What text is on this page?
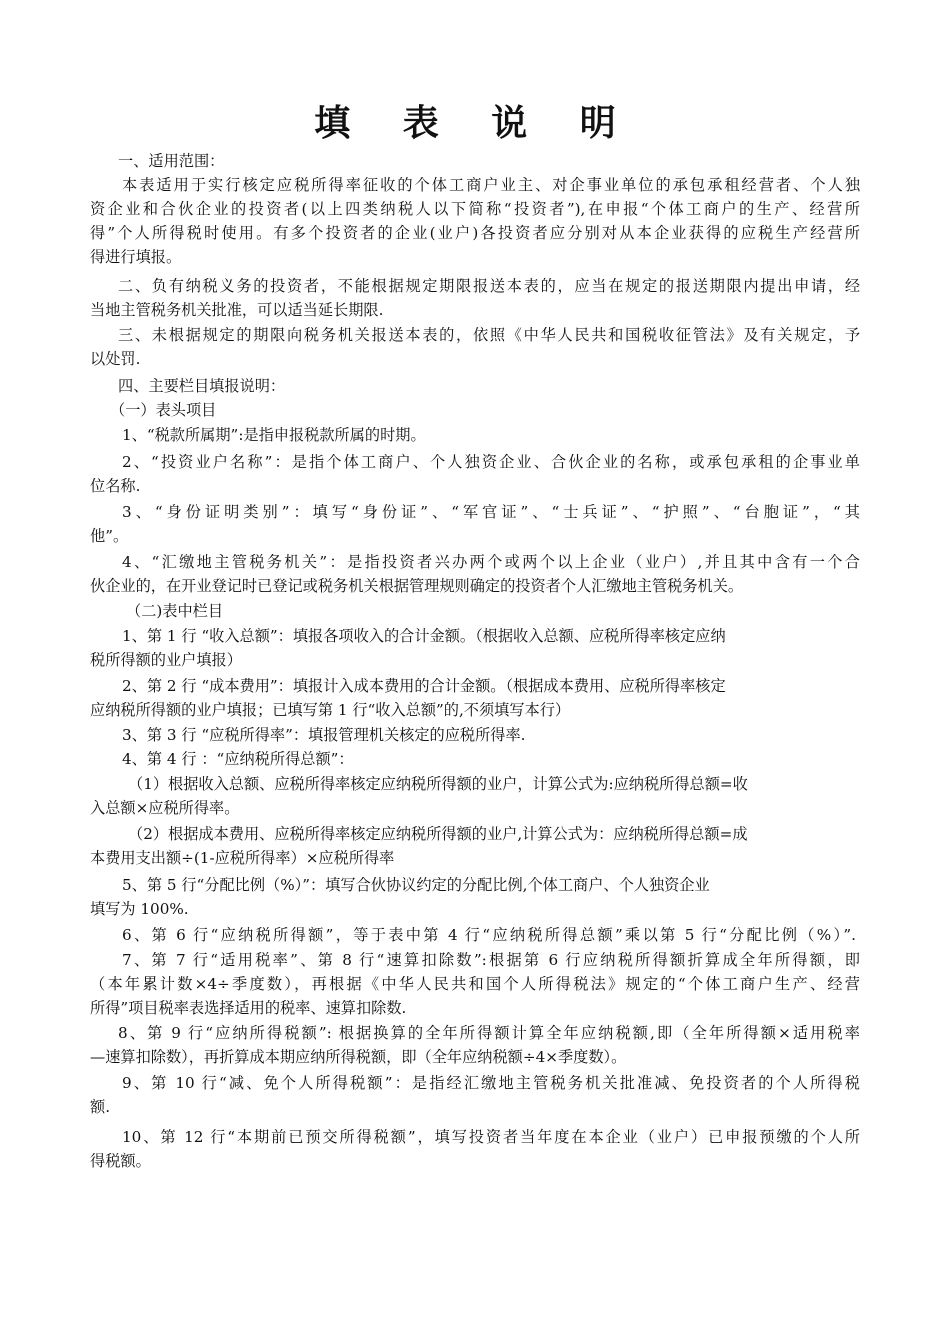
填 表 说 明
一、适用范围：
本表适用于实行核定应税所得率征收的个体工商户业主、对企事业单位的承包承租经营者、个人独
资企业和合伙企业的投资者(以上四类纳税人以下简称“投资者”),在申报“个体工商户的生产、经营所
得”个人所得税时使用。有多个投资者的企业(业户)各投资者应分别对从本企业获得的应税生产经营所
得进行填报。
二、负有纳税义务的投资者，不能根据规定期限报送本表的，应当在规定的报送期限内提出申请，经
当地主管税务机关批准，可以适当延长期限.
三、未根据规定的期限向税务机关报送本表的，依照《中华人民共和国税收征管法》及有关规定，予
以处罚.
四、主要栏目填报说明：
（一）表头项目
1、“税款所属期”:是指申报税款所属的时期。
2、“投资业户名称”：是指个体工商户、个人独资企业、合伙企业的名称，或承包承租的企事业单
位名称.
3、“身份证明类别”：填写“身份证”、“军官证”、“士兵证”、“护照”、“台胞证”，“其
他”。
4、“汇缴地主管税务机关”：是指投资者兴办两个或两个以上企业（业户）,并且其中含有一个合
伙企业的，在开业登记时已登记或税务机关根据管理规则确定的投资者个人汇缴地主管税务机关。
（二)表中栏目
1、第 1 行 “收入总额”：填报各项收入的合计金额。（根据收入总额、应税所得率核定应纳
税所得额的业户填报）
2、第 2 行 “成本费用”：填报计入成本费用的合计金额。（根据成本费用、应税所得率核定
应纳税所得额的业户填报；已填写第 1 行“收入总额”的,不须填写本行）
3、第 3 行 “应税所得率”：填报管理机关核定的应税所得率.
4、第 4 行 ：“应纳税所得总额”：
（1）根据收入总额、应税所得率核定应纳税所得额的业户，计算公式为:应纳税所得总额=收
入总额×应税所得率。
（2）根据成本费用、应税所得率核定应纳税所得额的业户,计算公式为：应纳税所得总额=成
本费用支出额÷(1-应税所得率）×应税所得率
5、第 5 行“分配比例（%）”：填写合伙协议约定的分配比例,个体工商户、个人独资企业
填写为 100%.
6、第 6 行“应纳税所得额”，等于表中第 4 行“应纳税所得总额”乘以第 5 行“分配比例（%）”.
7、第 7 行“适用税率”、第 8 行“速算扣除数”:根据第 6 行应纳税所得额折算成全年所得额，即
（本年累计数×4÷季度数），再根据《中华人民共和国个人所得税法》规定的“个体工商户生产、经营
所得”项目税率表选择适用的税率、速算扣除数.
8、第 9 行“应纳所得税额”: 根据换算的全年所得额计算全年应纳税额,即（全年所得额×适用税率
—速算扣除数），再折算成本期应纳所得税额，即（全年应纳税额÷4×季度数）。
9、第 10 行“减、免个人所得税额”：是指经汇缴地主管税务机关批准减、免投资者的个人所得税
额.
10、第 12 行“本期前已预交所得税额”，填写投资者当年度在本企业（业户）已申报预缴的个人所
得税额。
